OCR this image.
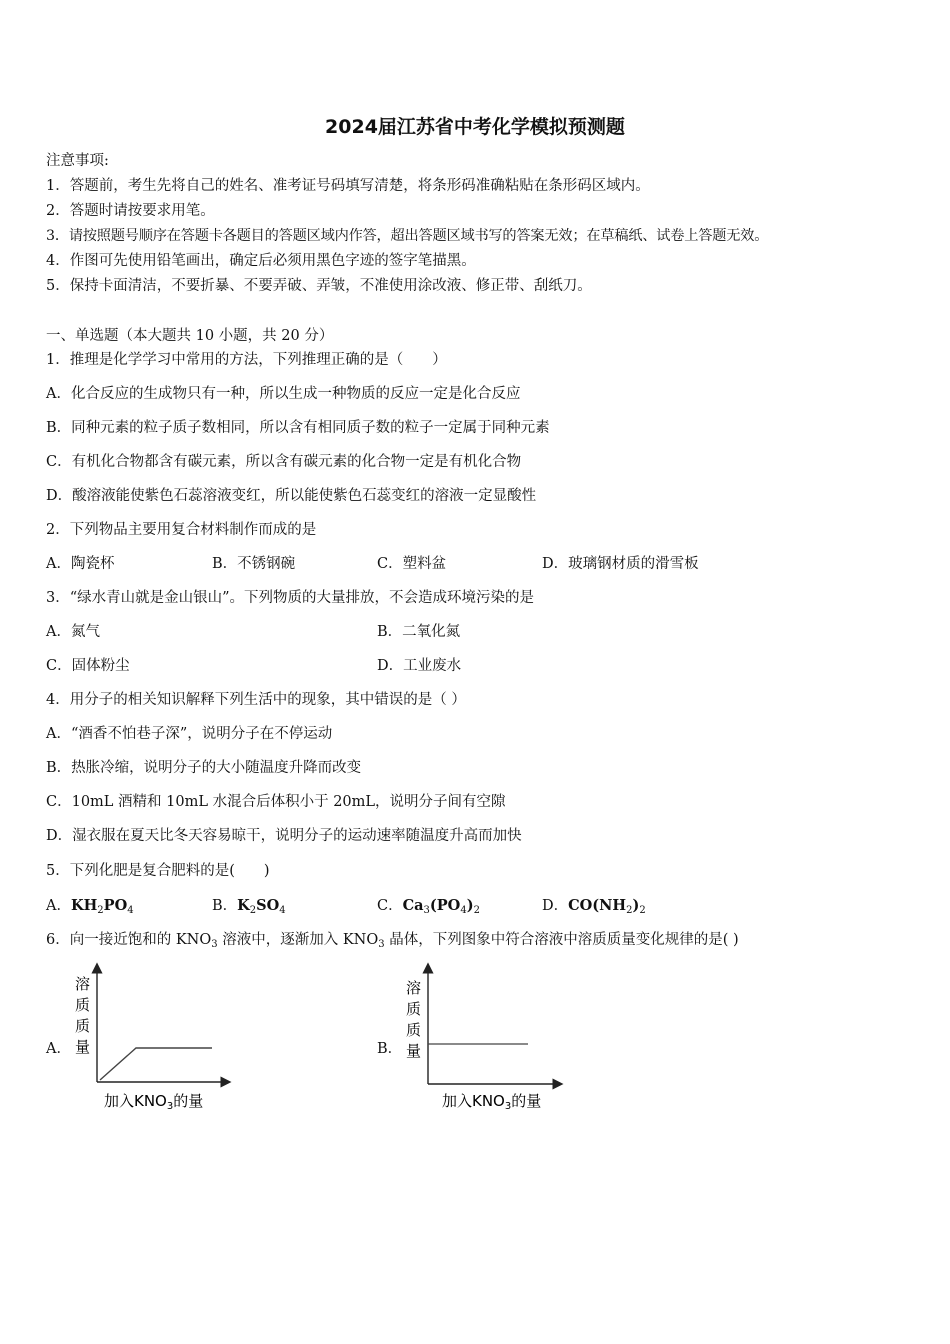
2024届江苏省中考化学模拟预测题
注意事项:
1．答题前，考生先将自己的姓名、准考证号码填写清楚，将条形码准确粘贴在条形码区域内。
2．答题时请按要求用笔。
3．请按照题号顺序在答题卡各题目的答题区域内作答，超出答题区域书写的答案无效；在草稿纸、试卷上答题无效。
4．作图可先使用铅笔画出，确定后必须用黑色字迹的签字笔描黑。
5．保持卡面清洁，不要折暴、不要弄破、弄皱，不准使用涂改液、修正带、刮纸刀。
一、单选题（本大题共 10 小题，共 20 分）
1．推理是化学学习中常用的方法，下列推理正确的是（　　）
A．化合反应的生成物只有一种，所以生成一种物质的反应一定是化合反应
B．同种元素的粒子质子数相同，所以含有相同质子数的粒子一定属于同种元素
C．有机化合物都含有碳元素，所以含有碳元素的化合物一定是有机化合物
D．酸溶液能使紫色石蕊溶液变红，所以能使紫色石蕊变红的溶液一定显酸性
2．下列物品主要用复合材料制作而成的是
A．陶瓷杯	B．不锈钢碗	C．塑料盆	D．玻璃钢材质的滑雪板
3．“绿水青山就是金山银山”。下列物质的大量排放，不会造成环境污染的是
A．氮气	B．二氧化氮
C．固体粉尘	D．工业废水
4．用分子的相关知识解释下列生活中的现象，其中错误的是（ ）
A．“酒香不怕巷子深”，说明分子在不停运动
B．热胀冷缩，说明分子的大小随温度升降而改变
C．10mL 酒精和 10mL 水混合后体积小于 20mL，说明分子间有空隙
D．湿衣服在夏天比冬天容易晾干，说明分子的运动速率随温度升高而加快
5．下列化肥是复合肥料的是(　　)
A．$KH_2PO_4$	B．$K_2SO_4$	C．$Ca_3(PO_4)_2$	D．$CO(NH_2)_2$
6．向一接近饱和的 $KNO_3$ 溶液中，逐渐加入 $KNO_3$ 晶体，下列图象中符合溶液中溶质质量变化规律的是( )
A．
溶
质
质
量
加入$KNO_3$的量
B．
溶
质
质
量
加入$KNO_3$的量
